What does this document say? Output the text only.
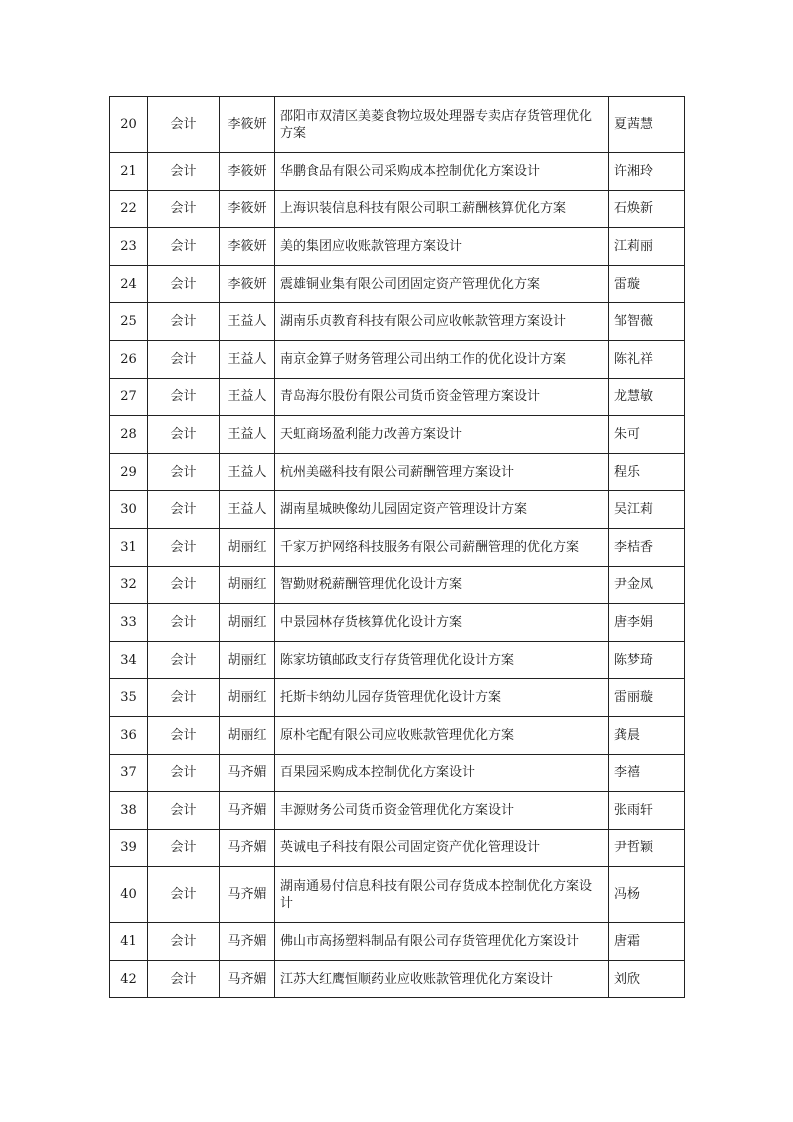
20	会计	李筱妍	邵阳市双清区美菱食物垃圾处理器专卖店存货管理优化方案	夏茜慧
21	会计	李筱妍	华鹏食品有限公司采购成本控制优化方案设计	许湘玲
22	会计	李筱妍	上海识装信息科技有限公司职工薪酬核算优化方案	石焕新
23	会计	李筱妍	美的集团应收账款管理方案设计	江莉丽
24	会计	李筱妍	震雄铜业集有限公司团固定资产管理优化方案	雷璇
25	会计	王益人	湖南乐贞教育科技有限公司应收帐款管理方案设计	邹智薇
26	会计	王益人	南京金算子财务管理公司出纳工作的优化设计方案	陈礼祥
27	会计	王益人	青岛海尔股份有限公司货币资金管理方案设计	龙慧敏
28	会计	王益人	天虹商场盈利能力改善方案设计	朱可
29	会计	王益人	杭州美磁科技有限公司薪酬管理方案设计	程乐
30	会计	王益人	湖南星城映像幼儿园固定资产管理设计方案	吴江莉
31	会计	胡丽红	千家万护网络科技服务有限公司薪酬管理的优化方案	李桔香
32	会计	胡丽红	智勤财税薪酬管理优化设计方案	尹金凤
33	会计	胡丽红	中景园林存货核算优化设计方案	唐李娟
34	会计	胡丽红	陈家坊镇邮政支行存货管理优化设计方案	陈梦琦
35	会计	胡丽红	托斯卡纳幼儿园存货管理优化设计方案	雷丽璇
36	会计	胡丽红	原朴宅配有限公司应收账款管理优化方案	龚晨
37	会计	马齐媚	百果园采购成本控制优化方案设计	李禧
38	会计	马齐媚	丰源财务公司货币资金管理优化方案设计	张雨轩
39	会计	马齐媚	英诚电子科技有限公司固定资产优化管理设计	尹哲颖
40	会计	马齐媚	湖南通易付信息科技有限公司存货成本控制优化方案设计	冯杨
41	会计	马齐媚	佛山市高扬塑料制品有限公司存货管理优化方案设计	唐霜
42	会计	马齐媚	江苏大红鹰恒顺药业应收账款管理优化方案设计	刘欣
